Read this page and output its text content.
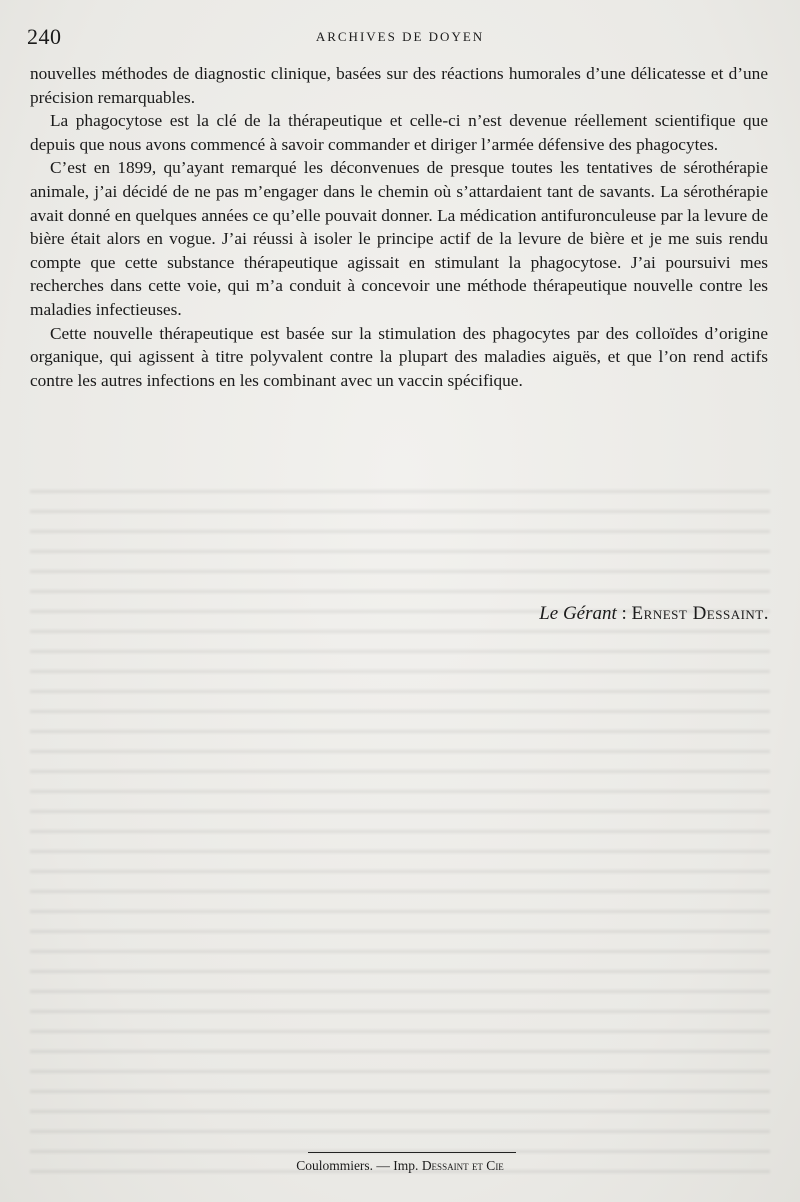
240	ARCHIVES DE DOYEN

nouvelles méthodes de diagnostic clinique, basées sur des réactions humorales d’une délicatesse et d’une précision remarquables.

La phagocytose est la clé de la thérapeutique et celle-ci n’est devenue réellement scientifique que depuis que nous avons commencé à savoir commander et diriger l’armée défensive des phagocytes.

C’est en 1899, qu’ayant remarqué les déconvenues de presque toutes les tentatives de sérothérapie animale, j’ai décidé de ne pas m’engager dans le chemin où s’attardaient tant de savants. La sérothérapie avait donné en quelques années ce qu’elle pouvait donner. La médication antifuronculeuse par la levure de bière était alors en vogue. J’ai réussi à isoler le principe actif de la levure de bière et je me suis rendu compte que cette substance thérapeutique agissait en stimulant la phagocytose. J’ai poursuivi mes recherches dans cette voie, qui m’a conduit à concevoir une méthode thérapeutique nouvelle contre les maladies infectieuses.

Cette nouvelle thérapeutique est basée sur la stimulation des phagocytes par des colloïdes d’origine organique, qui agissent à titre polyvalent contre la plupart des maladies aiguës, et que l’on rend actifs contre les autres infections en les combinant avec un vaccin spécifique.

Le Gérant : Ernest Dessaint.
Coulommiers. — Imp. Dessaint et Cie
